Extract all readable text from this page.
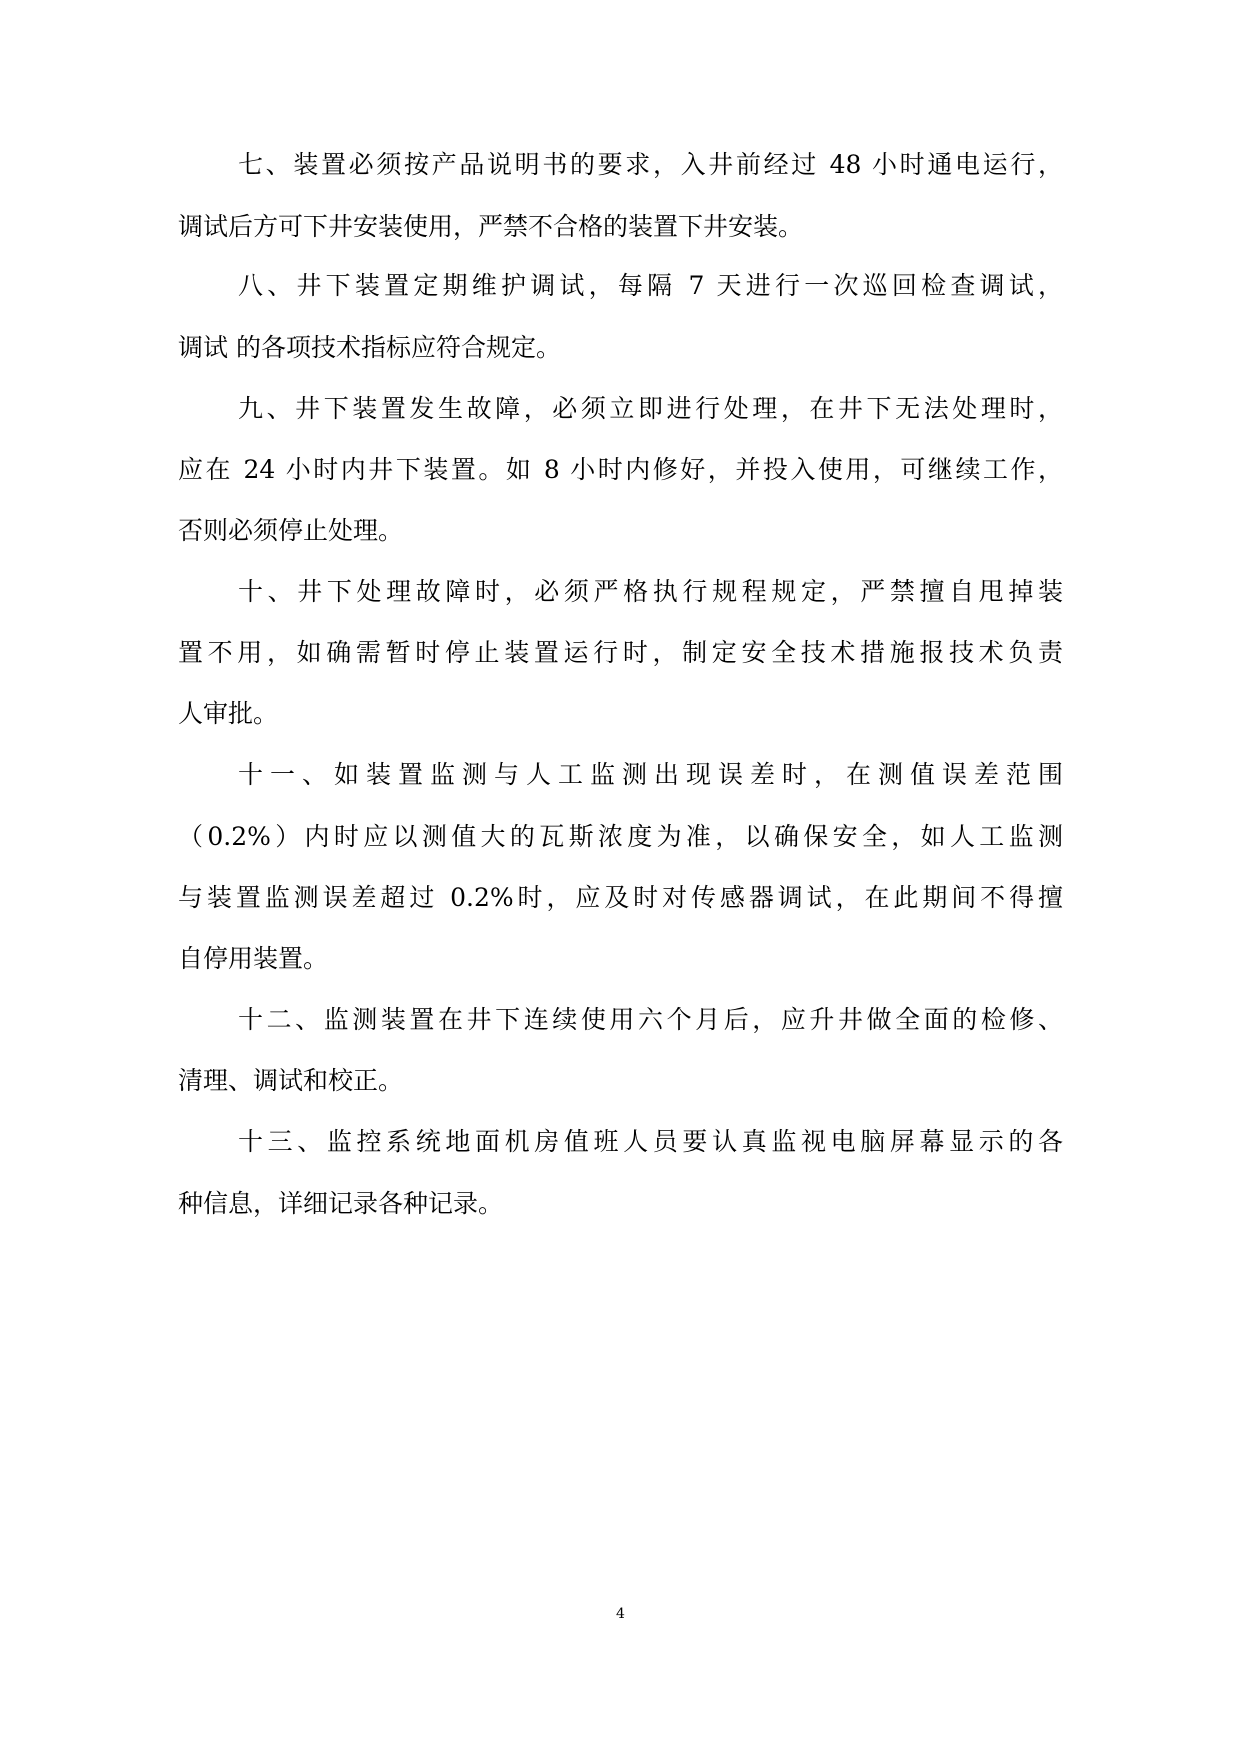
七、装置必须按产品说明书的要求，入井前经过 48 小时通电运行，

调试后方可下井安装使用，严禁不合格的装置下井安装。

八、井下装置定期维护调试，每隔 7 天进行一次巡回检查调试，

调试 的各项技术指标应符合规定。

九、井下装置发生故障，必须立即进行处理，在井下无法处理时，

应在 24 小时内井下装置。如 8 小时内修好，并投入使用，可继续工作，

否则必须停止处理。

十、井下处理故障时，必须严格执行规程规定，严禁擅自甩掉装

置不用，如确需暂时停止装置运行时，制定安全技术措施报技术负责

人审批。

十一、如装置监测与人工监测出现误差时，在测值误差范围

（0.2%）内时应以测值大的瓦斯浓度为准，以确保安全，如人工监测

与装置监测误差超过 0.2%时，应及时对传感器调试，在此期间不得擅

自停用装置。

十二、监测装置在井下连续使用六个月后，应升井做全面的检修、

清理、调试和校正。

十三、监控系统地面机房值班人员要认真监视电脑屏幕显示的各

种信息，详细记录各种记录。

4
